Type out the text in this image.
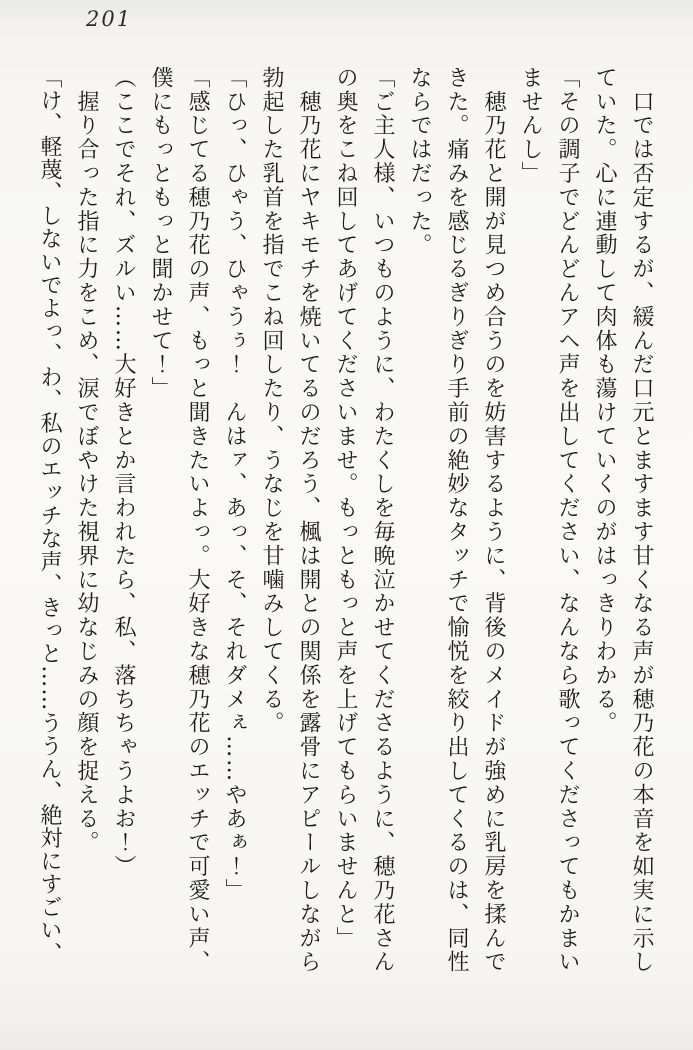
201

　口では否定するが、緩んだ口元とますます甘くなる声が穂乃花の本音を如実に示していた。心に連動して肉体も蕩けていくのがはっきりわかる。

「その調子でどんどんアヘ声を出してください、なんなら歌ってくださってもかまいませんし」

　穂乃花と開が見つめ合うのを妨害するように、背後のメイドが強めに乳房を揉んできた。痛みを感じるぎりぎり手前の絶妙なタッチで愉悦を絞り出してくるのは、同性ならではだった。

「ご主人様、いつものように、わたくしを毎晩泣かせてくださるように、穂乃花さんの奥をこね回してあげてくださいませ。もっともっと声を上げてもらいませんと」

　穂乃花にヤキモチを焼いてるのだろう、楓は開との関係を露骨にアピールしながら勃起した乳首を指でこね回したり、うなじを甘噛みしてくる。

「ひっ、ひゃう、ひゃうぅ！　んはァ、あっ、そ、それダメぇ……やあぁ！」

「感じてる穂乃花の声、もっと聞きたいよっ。大好きな穂乃花のエッチで可愛い声、僕にもっともっと聞かせて！」

（ここでそれ、ズルい……大好きとか言われたら、私、落ちちゃうよお！）

　握り合った指に力をこめ、涙でぼやけた視界に幼なじみの顔を捉える。

「け、軽蔑、しないでよっ、わ、私のエッチな声、きっと……ううん、絶対にすごい、
